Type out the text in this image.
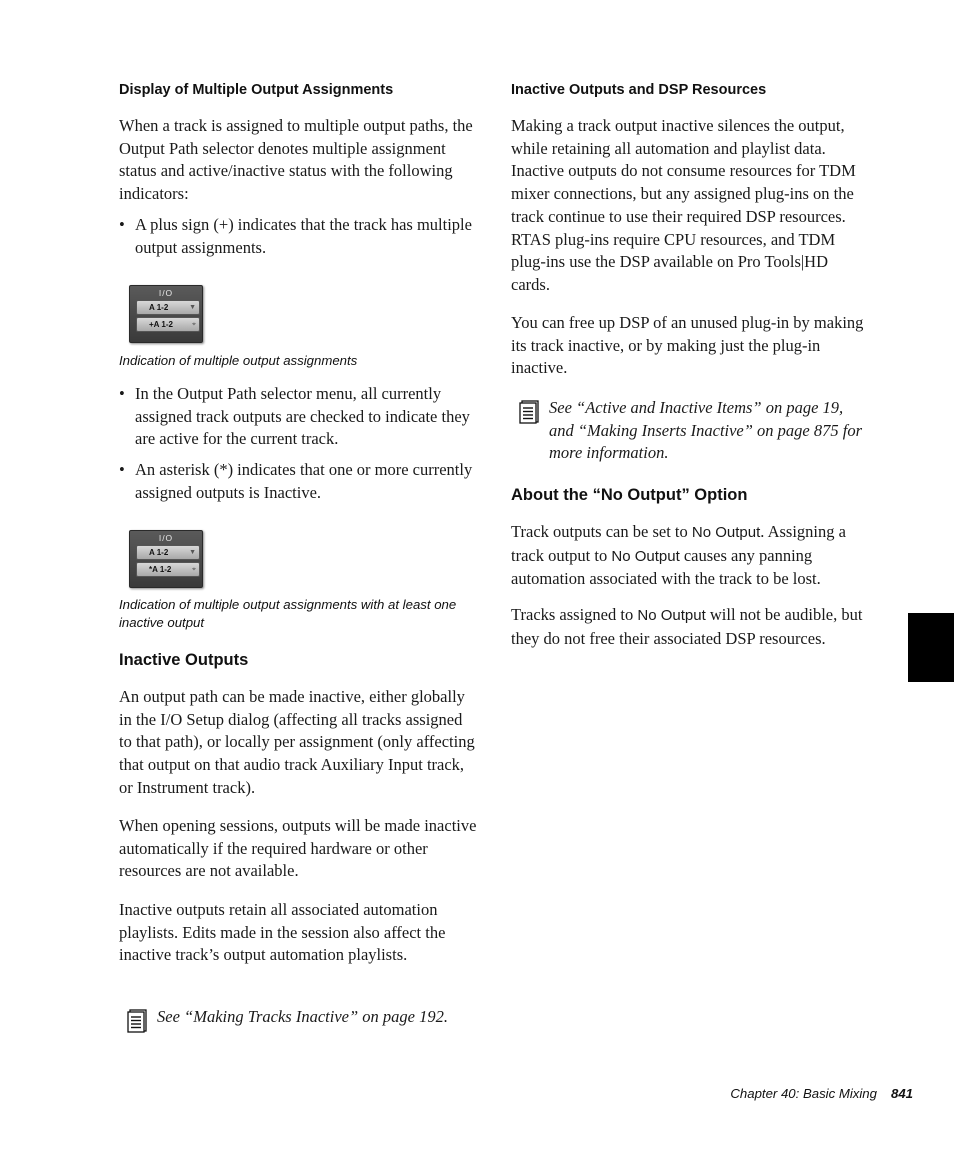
Display of Multiple Output Assignments

When a track is assigned to multiple output paths, the Output Path selector denotes multiple assignment status and active/inactive status with the following indicators:

• A plus sign (+) indicates that the track has multiple output assignments.
I/O
A 1-2	▼
+A 1-2	⌖

Indication of multiple output assignments

• In the Output Path selector menu, all currently assigned track outputs are checked to indicate they are active for the current track.
• An asterisk (*) indicates that one or more currently assigned outputs is Inactive.
I/O
A 1-2	▼
*A 1-2	⌖

Indication of multiple output assignments with at least one inactive output

Inactive Outputs

An output path can be made inactive, either globally in the I/O Setup dialog (affecting all tracks assigned to that path), or locally per assignment (only affecting that output on that audio track Auxiliary Input track, or Instrument track).

When opening sessions, outputs will be made inactive automatically if the required hardware or other resources are not available.

Inactive outputs retain all associated automation playlists. Edits made in the session also affect the inactive track’s output automation playlists.

See “Making Tracks Inactive” on page 192.
Inactive Outputs and DSP Resources

Making a track output inactive silences the output, while retaining all automation and playlist data. Inactive outputs do not consume resources for TDM mixer connections, but any assigned plug-ins on the track continue to use their required DSP resources. RTAS plug-ins require CPU resources, and TDM plug-ins use the DSP available on Pro Tools|HD cards.

You can free up DSP of an unused plug-in by making its track inactive, or by making just the plug-in inactive.

See “Active and Inactive Items” on page 19, and “Making Inserts Inactive” on page 875 for more information.
About the “No Output” Option

Track outputs can be set to No Output. Assigning a track output to No Output causes any panning automation associated with the track to be lost.

Tracks assigned to No Output will not be audible, but they do not free their associated DSP resources.

Chapter 40: Basic Mixing 841
